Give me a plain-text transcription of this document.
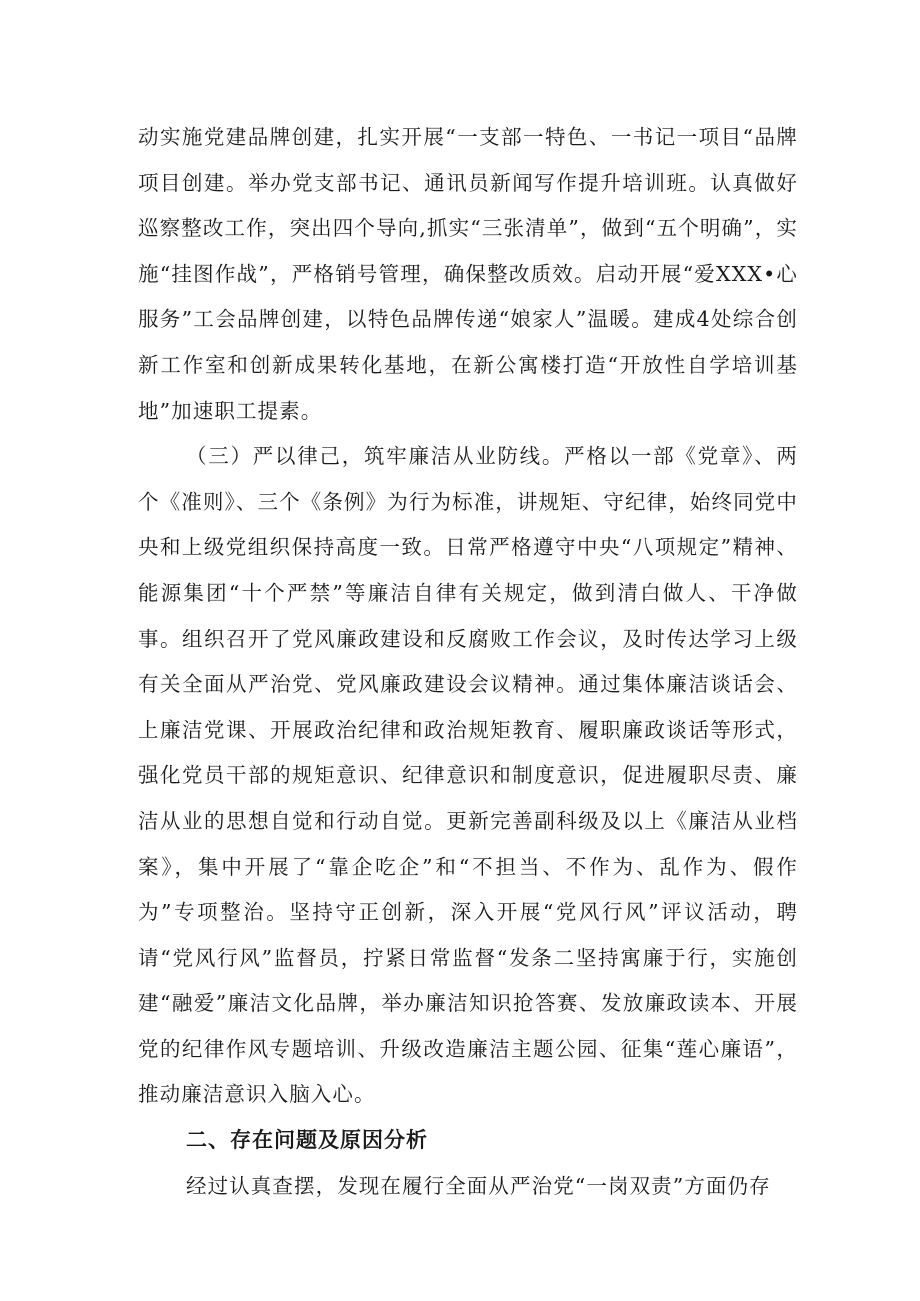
动实施党建品牌创建，扎实开展“一支部一特色、一书记一项目“品牌项目创建。举办党支部书记、通讯员新闻写作提升培训班。认真做好巡察整改工作，突出四个导向,抓实“三张清单”，做到“五个明确”，实施“挂图作战”，严格销号管理，确保整改质效。启动开展“爱XXX•心服务”工会品牌创建，以特色品牌传递“娘家人”温暖。建成4处综合创新工作室和创新成果转化基地，在新公寓楼打造“开放性自学培训基地”加速职工提素。

（三）严以律己，筑牢廉洁从业防线。严格以一部《党章》、两个《准则》、三个《条例》为行为标准，讲规矩、守纪律，始终同党中央和上级党组织保持高度一致。日常严格遵守中央“八项规定”精神、能源集团“十个严禁”等廉洁自律有关规定，做到清白做人、干净做事。组织召开了党风廉政建设和反腐败工作会议，及时传达学习上级有关全面从严治党、党风廉政建设会议精神。通过集体廉洁谈话会、上廉洁党课、开展政治纪律和政治规矩教育、履职廉政谈话等形式，强化党员干部的规矩意识、纪律意识和制度意识，促进履职尽责、廉洁从业的思想自觉和行动自觉。更新完善副科级及以上《廉洁从业档案》，集中开展了“靠企吃企”和“不担当、不作为、乱作为、假作为”专项整治。坚持守正创新，深入开展“党风行风”评议活动，聘请“党风行风”监督员，拧紧日常监督“发条二坚持寓廉于行，实施创建“融爱”廉洁文化品牌，举办廉洁知识抢答赛、发放廉政读本、开展党的纪律作风专题培训、升级改造廉洁主题公园、征集“莲心廉语”，推动廉洁意识入脑入心。

二、存在问题及原因分析

经过认真查摆，发现在履行全面从严治党“一岗双责”方面仍存
